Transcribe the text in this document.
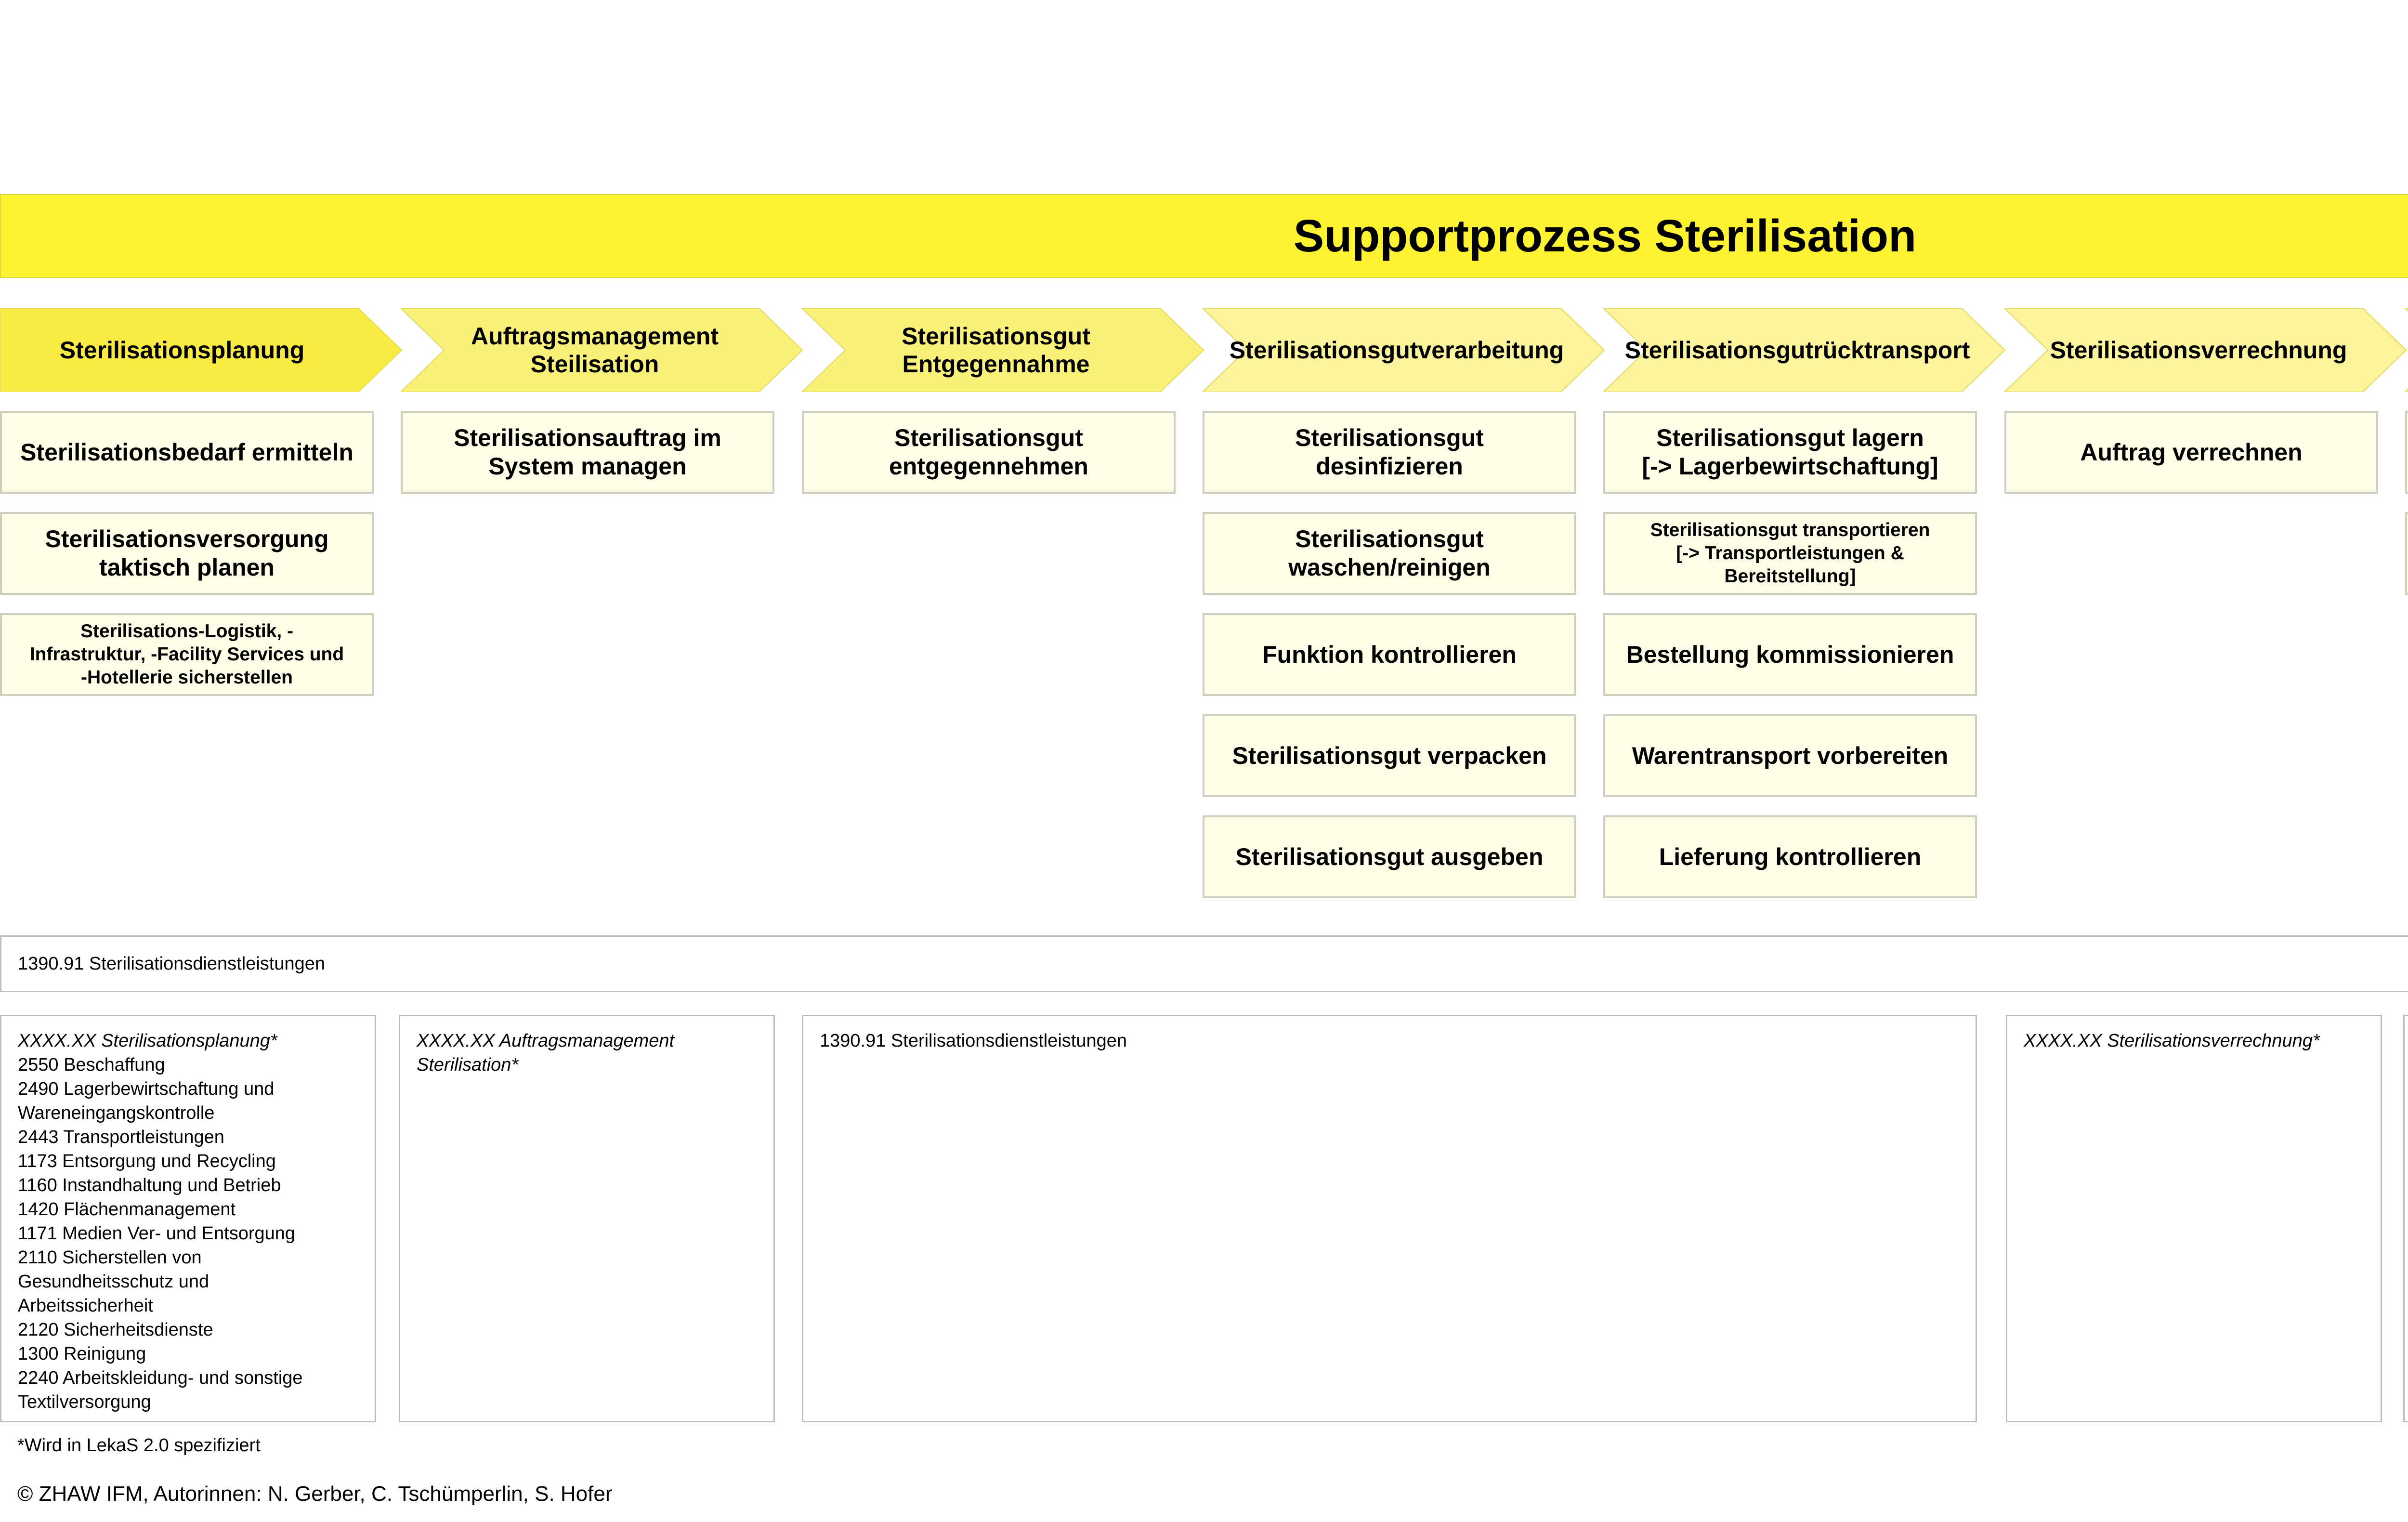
Supportprozess Sterilisation
Sterilisationsplanung
Auftragsmanagement
Steilisation
Sterilisationsgut
Entgegennahme
Sterilisationsgutverarbeitung	Sterilisationsgutrücktransport	Sterilisationsverrechnung
Sterilisationsbedarf ermitteln
Sterilisationsversorgung
taktisch planen
Sterilisations-Logistik, -
Infrastruktur, -Facility Services und
-Hotellerie sicherstellen
Sterilisationsauftrag im
System managen
Sterilisationsgut
entgegennehmen
Sterilisationsgut
desinfizieren
Sterilisationsgut
waschen/reinigen
Funktion kontrollieren
Sterilisationsgut verpacken
Sterilisationsgut ausgeben
Sterilisationsgut lagern
[-> Lagerbewirtschaftung]
Sterilisationsgut transportieren
[-> Transportleistungen &
Bereitstellung]
Bestellung kommissionieren
Warentransport vorbereiten
Lieferung kontrollieren
Auftrag verrechnen
1390.91 Sterilisationsdienstleistungen
XXXX.XX Sterilisationsplanung*
2550 Beschaffung
2490 Lagerbewirtschaftung und
Wareneingangskontrolle
2443 Transportleistungen
1173 Entsorgung und Recycling
1160 Instandhaltung und Betrieb
1420 Flächenmanagement
1171 Medien Ver- und Entsorgung
2110 Sicherstellen von
Gesundheitsschutz und
Arbeitssicherheit
2120 Sicherheitsdienste
1300 Reinigung
2240 Arbeitskleidung- und sonstige
Textilversorgung
XXXX.XX Auftragsmanagement
Sterilisation*
1390.91 Sterilisationsdienstleistungen	XXXX.XX Sterilisationsverrechnung*
*Wird in LekaS 2.0 spezifiziert
© ZHAW IFM, Autorinnen: N. Gerber, C. Tschümperlin, S. Hofer
